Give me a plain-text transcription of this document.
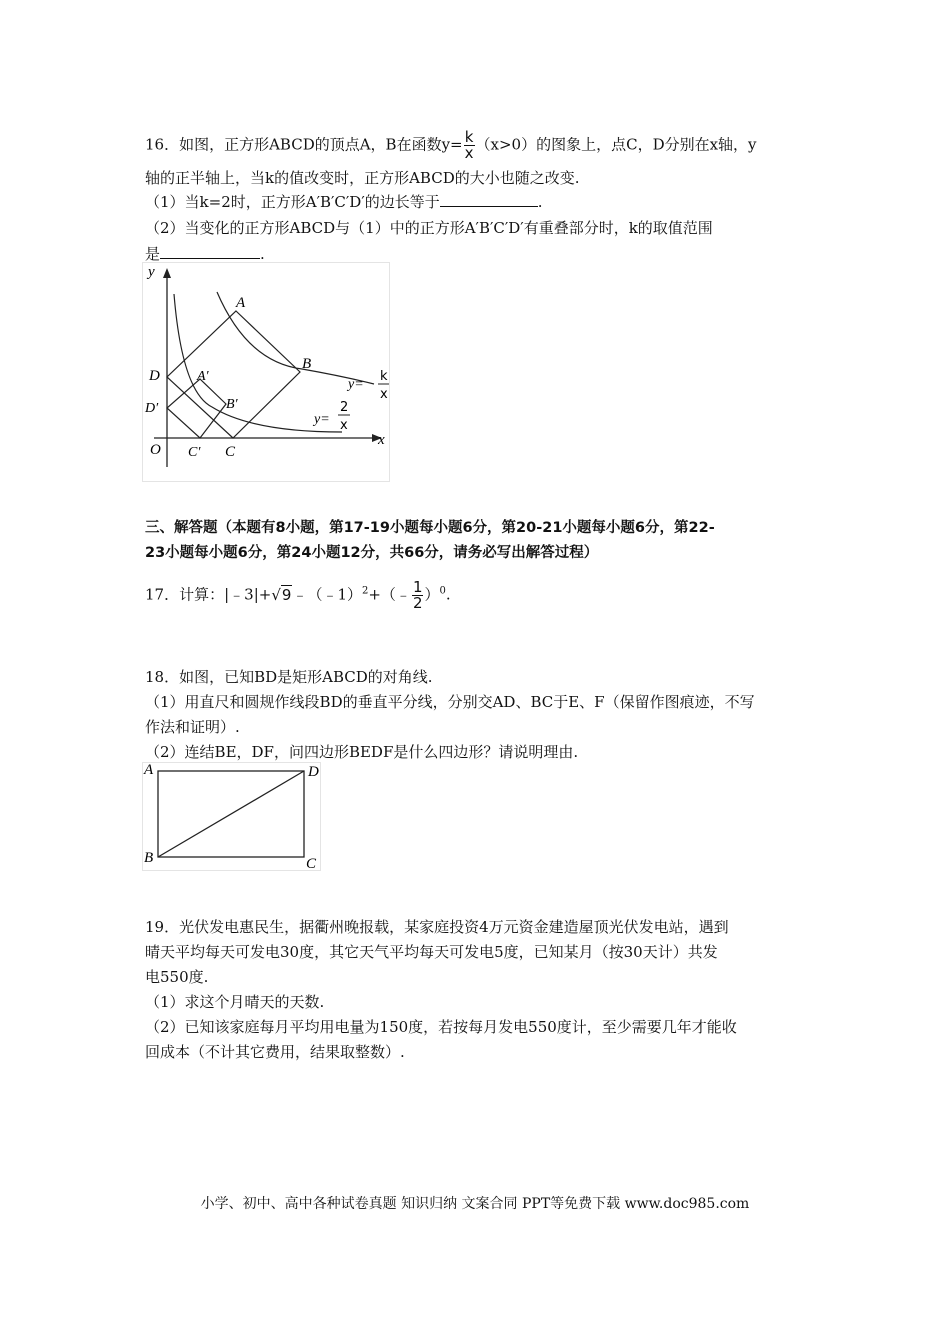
16．如图，正方形ABCD的顶点A，B在函数$y= \frac{k}{x} (x>0)$的图象上，点C，D分别在x轴，y
轴的正半轴上，当k的值改变时，正方形ABCD的大小也随之改变.
（1）当k=2时，正方形A′B′C′D′的边长等于	.
（2）当变化的正方形ABCD与（1）中的正方形A′B′C′D′有重叠部分时，k的取值范围
是	.
y
x
O
A
B
C
D	A′
B′
C′
D′
y=
k
x
y=
2
x
三、解答题（本题有8小题，第17-19小题每小题6分，第20-21小题每小题6分，第22-
23小题每小题6分，第24小题12分，共66分，请务必写出解答过程）
17．计算：|﹣3|+√9﹣（﹣1）$^2$+（﹣ $\frac{1}{2} )^0$.
18．如图，已知BD是矩形ABCD的对角线.
（1）用直尺和圆规作线段BD的垂直平分线，分别交AD、BC于E、F（保留作图痕迹，不写
作法和证明）.
（2）连结BE，DF，问四边形BEDF是什么四边形？请说明理由.
A	D
B	C
19．光伏发电惠民生，据衢州晚报载，某家庭投资4万元资金建造屋顶光伏发电站，遇到
晴天平均每天可发电30度，其它天气平均每天可发电5度，已知某月（按30天计）共发
电550度.
（1）求这个月晴天的天数.
（2）已知该家庭每月平均用电量为150度，若按每月发电550度计，至少需要几年才能收
回成本（不计其它费用，结果取整数）.
小学、初中、高中各种试卷真题 知识归纳 文案合同 PPT等免费下载 www.doc985.com
